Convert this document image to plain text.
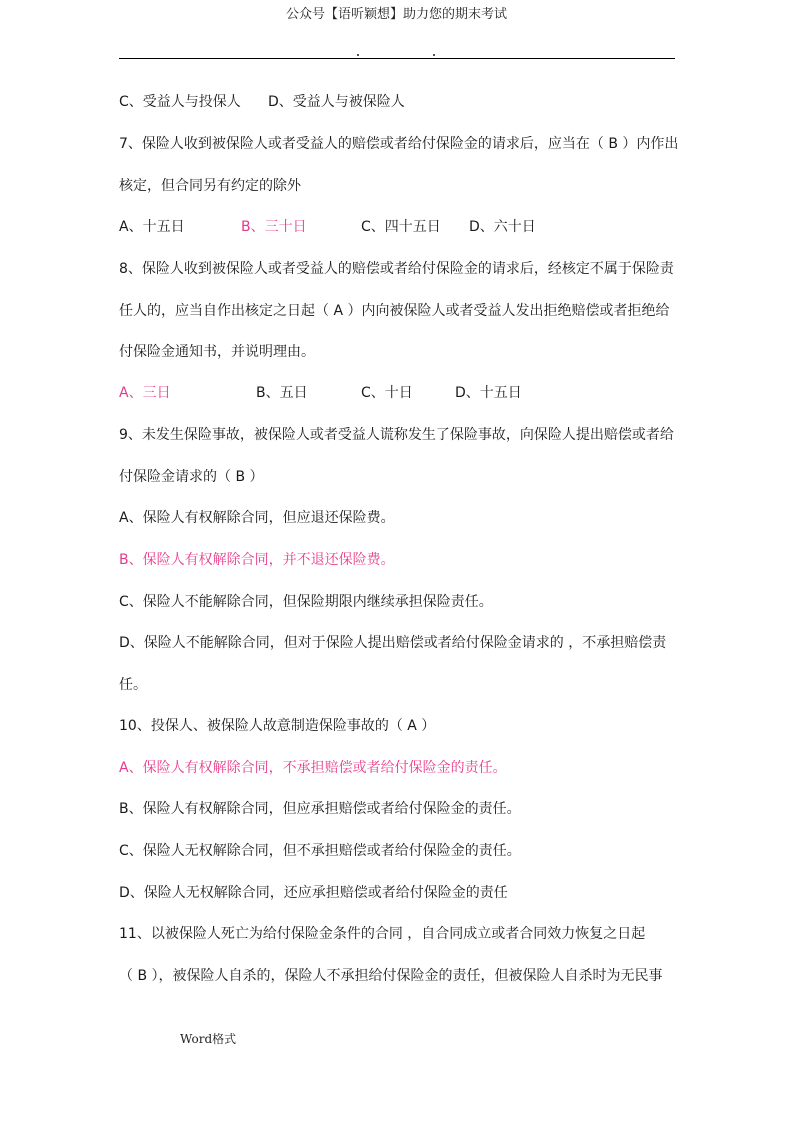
公众号【语听颖想】助力您的期末考试

C、受益人与投保人 D、受益人与被保险人

7、保险人收到被保险人或者受益人的赔偿或者给付保险金的请求后，应当在（ B ）内作出

核定，但合同另有约定的除外

A、十五日	B、三十日	C、四十五日 D、六十日

8、保险人收到被保险人或者受益人的赔偿或者给付保险金的请求后，经核定不属于保险责

任人的，应当自作出核定之日起（ A ）内向被保险人或者受益人发出拒绝赔偿或者拒绝给

付保险金通知书，并说明理由。

A、三日	B、五日	C、十日	D、十五日

9、未发生保险事故，被保险人或者受益人谎称发生了保险事故，向保险人提出赔偿或者给

付保险金请求的（ B ）

A、保险人有权解除合同，但应退还保险费。

B、保险人有权解除合同，并不退还保险费。

C、保险人不能解除合同，但保险期限内继续承担保险责任。

D、保险人不能解除合同，但对于保险人提出赔偿或者给付保险金请求的 ，不承担赔偿责

任。

10、投保人、被保险人故意制造保险事故的（ A ）

A、保险人有权解除合同，不承担赔偿或者给付保险金的责任。

B、保险人有权解除合同，但应承担赔偿或者给付保险金的责任。

C、保险人无权解除合同，但不承担赔偿或者给付保险金的责任。

D、保险人无权解除合同，还应承担赔偿或者给付保险金的责任

11、以被保险人死亡为给付保险金条件的合同 ，自合同成立或者合同效力恢复之日起

（ B ），被保险人自杀的，保险人不承担给付保险金的责任，但被保险人自杀时为无民事

Word格式
